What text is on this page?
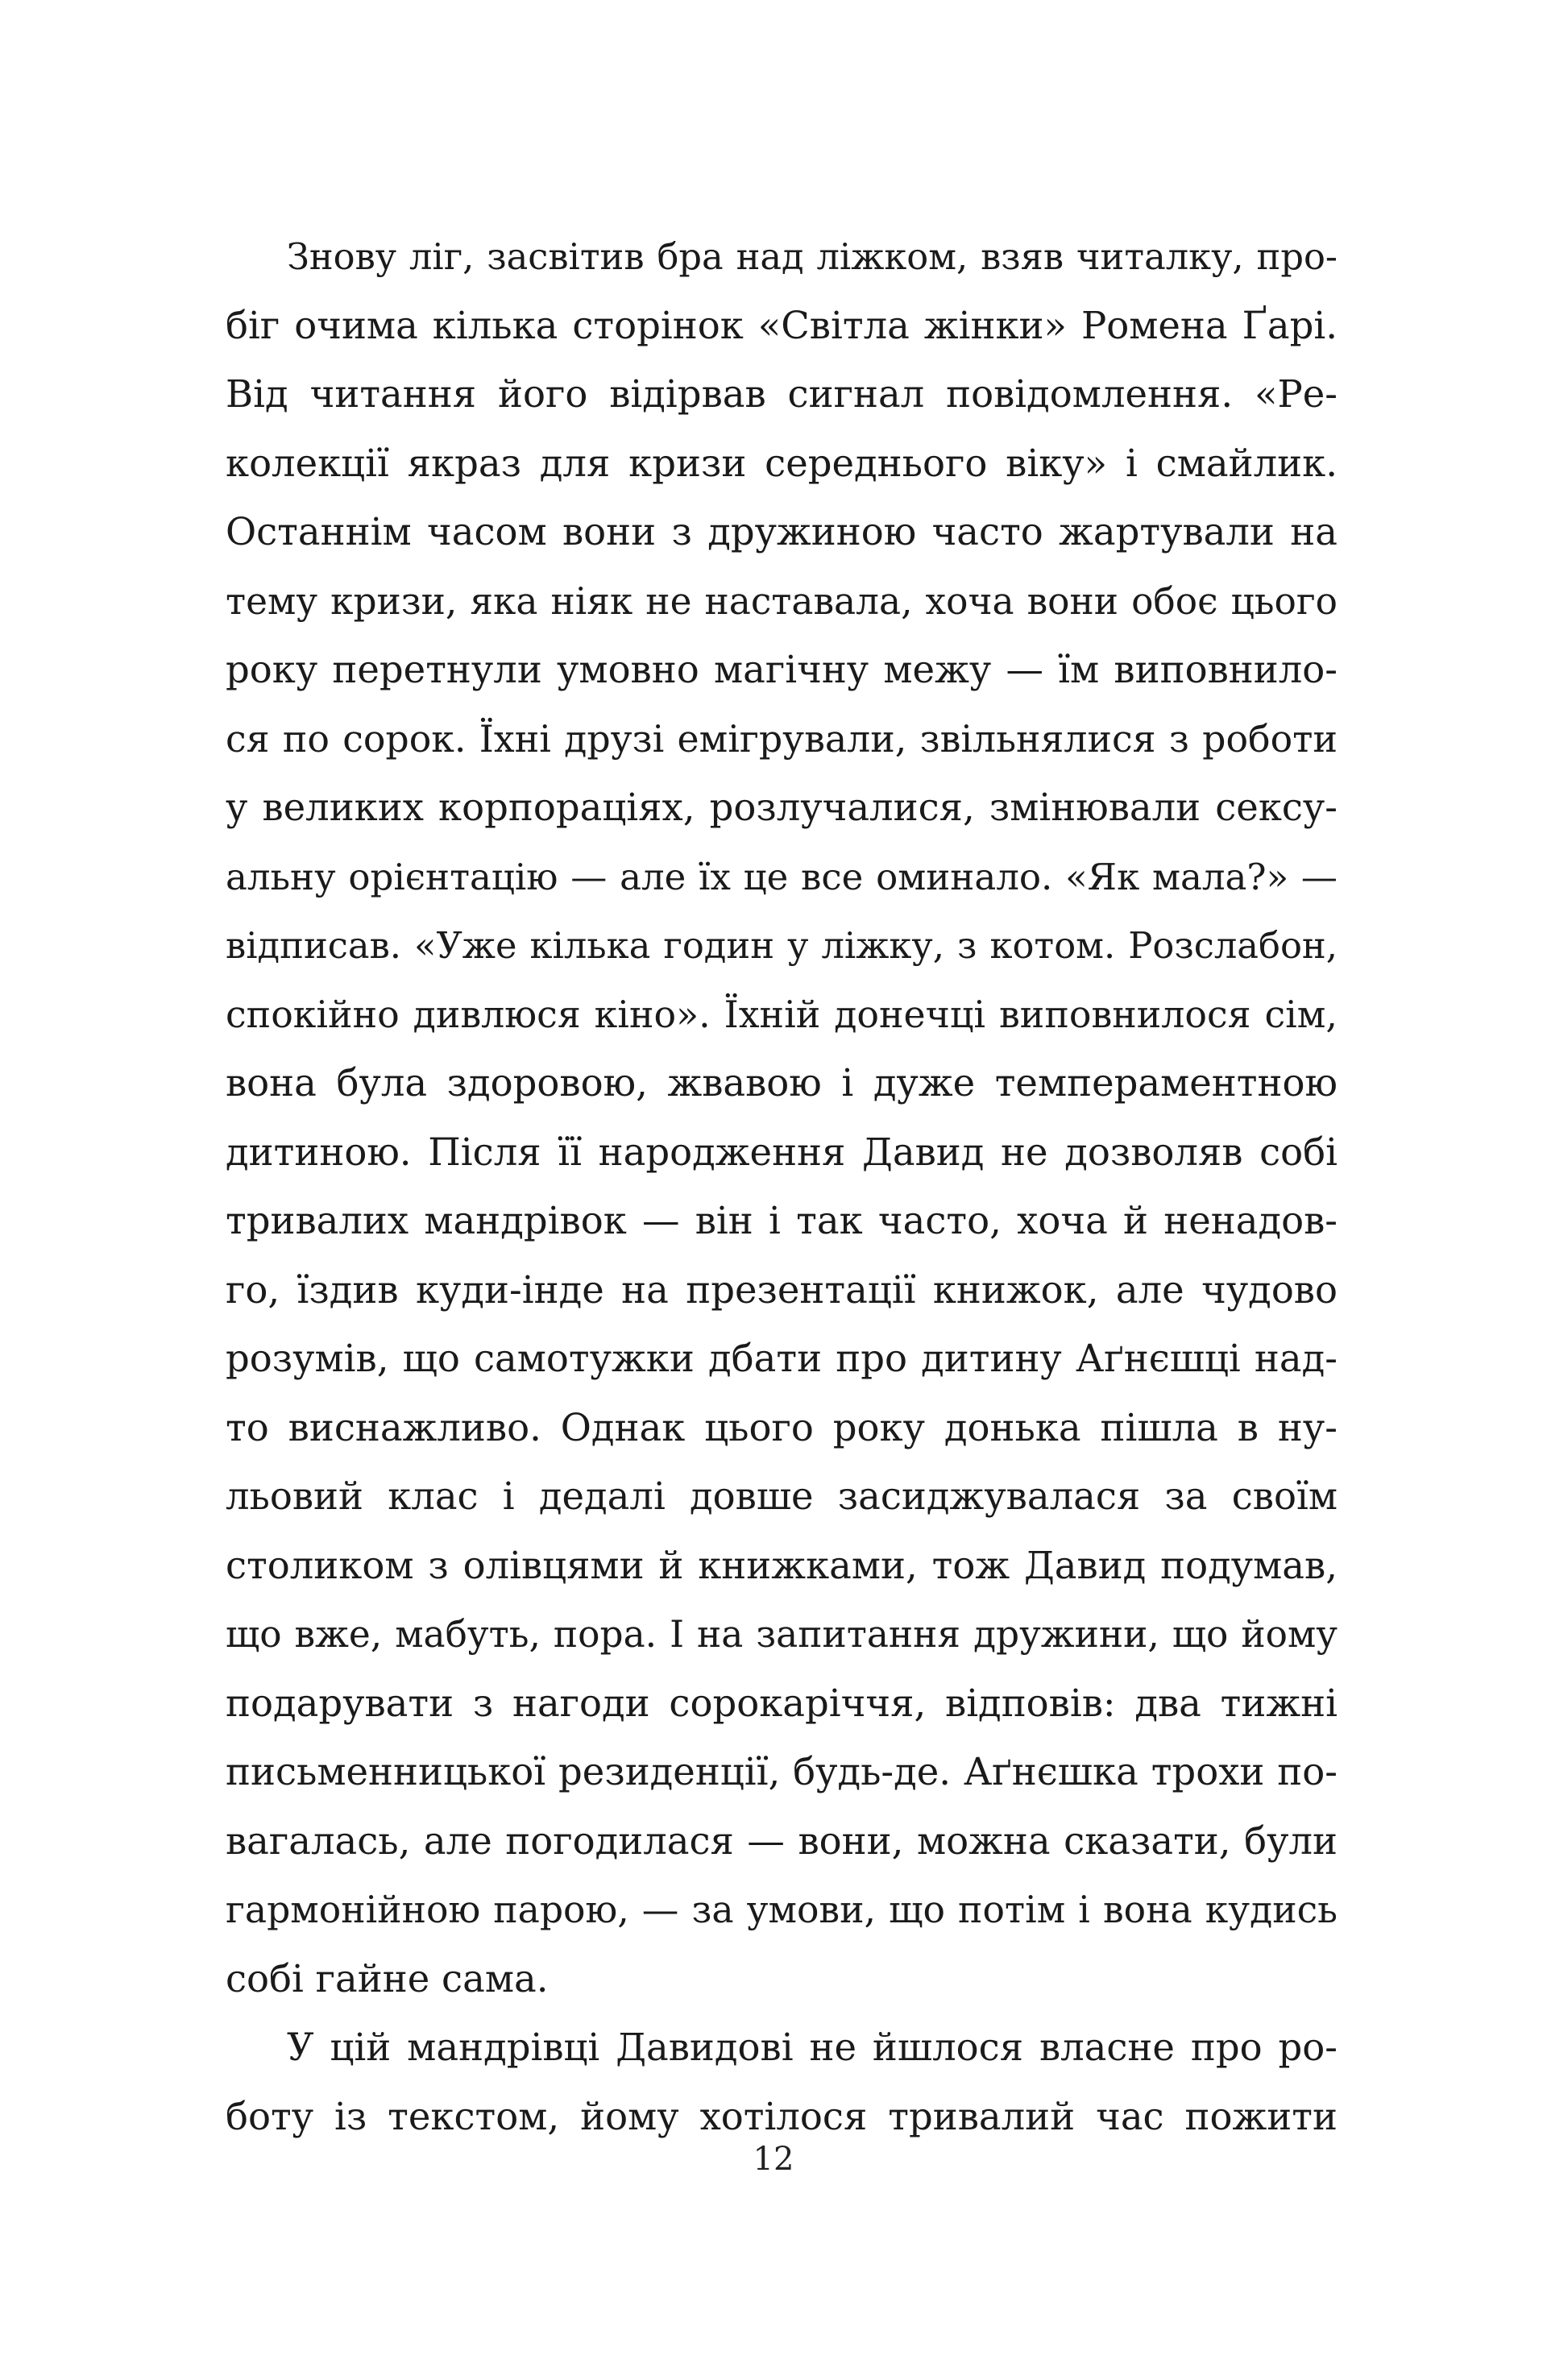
Знову ліг, засвітив бра над ліжком, взяв читалку, про-
біг очима кілька сторінок «Світла жінки» Ромена Ґарі.
Від читання його відірвав сигнал повідомлення. «Ре-
колекції якраз для кризи середнього віку» і смайлик.
Останнім часом вони з дружиною часто жартували на
тему кризи, яка ніяк не наставала, хоча вони обоє цього
року перетнули умовно магічну межу — їм виповнило-
ся по сорок. Їхні друзі емігрували, звільнялися з роботи
у великих корпораціях, розлучалися, змінювали сексу-
альну орієнтацію — але їх це все оминало. «Як мала?» —
відписав. «Уже кілька годин у ліжку, з котом. Розслабон,
спокійно дивлюся кіно». Їхній донечці виповнилося сім,
вона була здоровою, жвавою і дуже темпераментною
дитиною. Після її народження Давид не дозволяв собі
тривалих мандрівок — він і так часто, хоча й ненадов-
го, їздив куди-інде на презентації книжок, але чудово
розумів, що самотужки дбати про дитину Аґнєшці над-
то виснажливо. Однак цього року донька пішла в ну-
льовий клас і дедалі довше засиджувалася за своїм
столиком з олівцями й книжками, тож Давид подумав,
що вже, мабуть, пора. І на запитання дружини, що йому
подарувати з нагоди сорокаріччя, відповів: два тижні
письменницької резиденції, будь-де. Аґнєшка трохи по-
вагалась, але погодилася — вони, можна сказати, були
гармонійною парою, — за умови, що потім і вона кудись
собі гайне сама.
У цій мандрівці Давидові не йшлося власне про ро-
боту із текстом, йому хотілося тривалий час пожити
12
